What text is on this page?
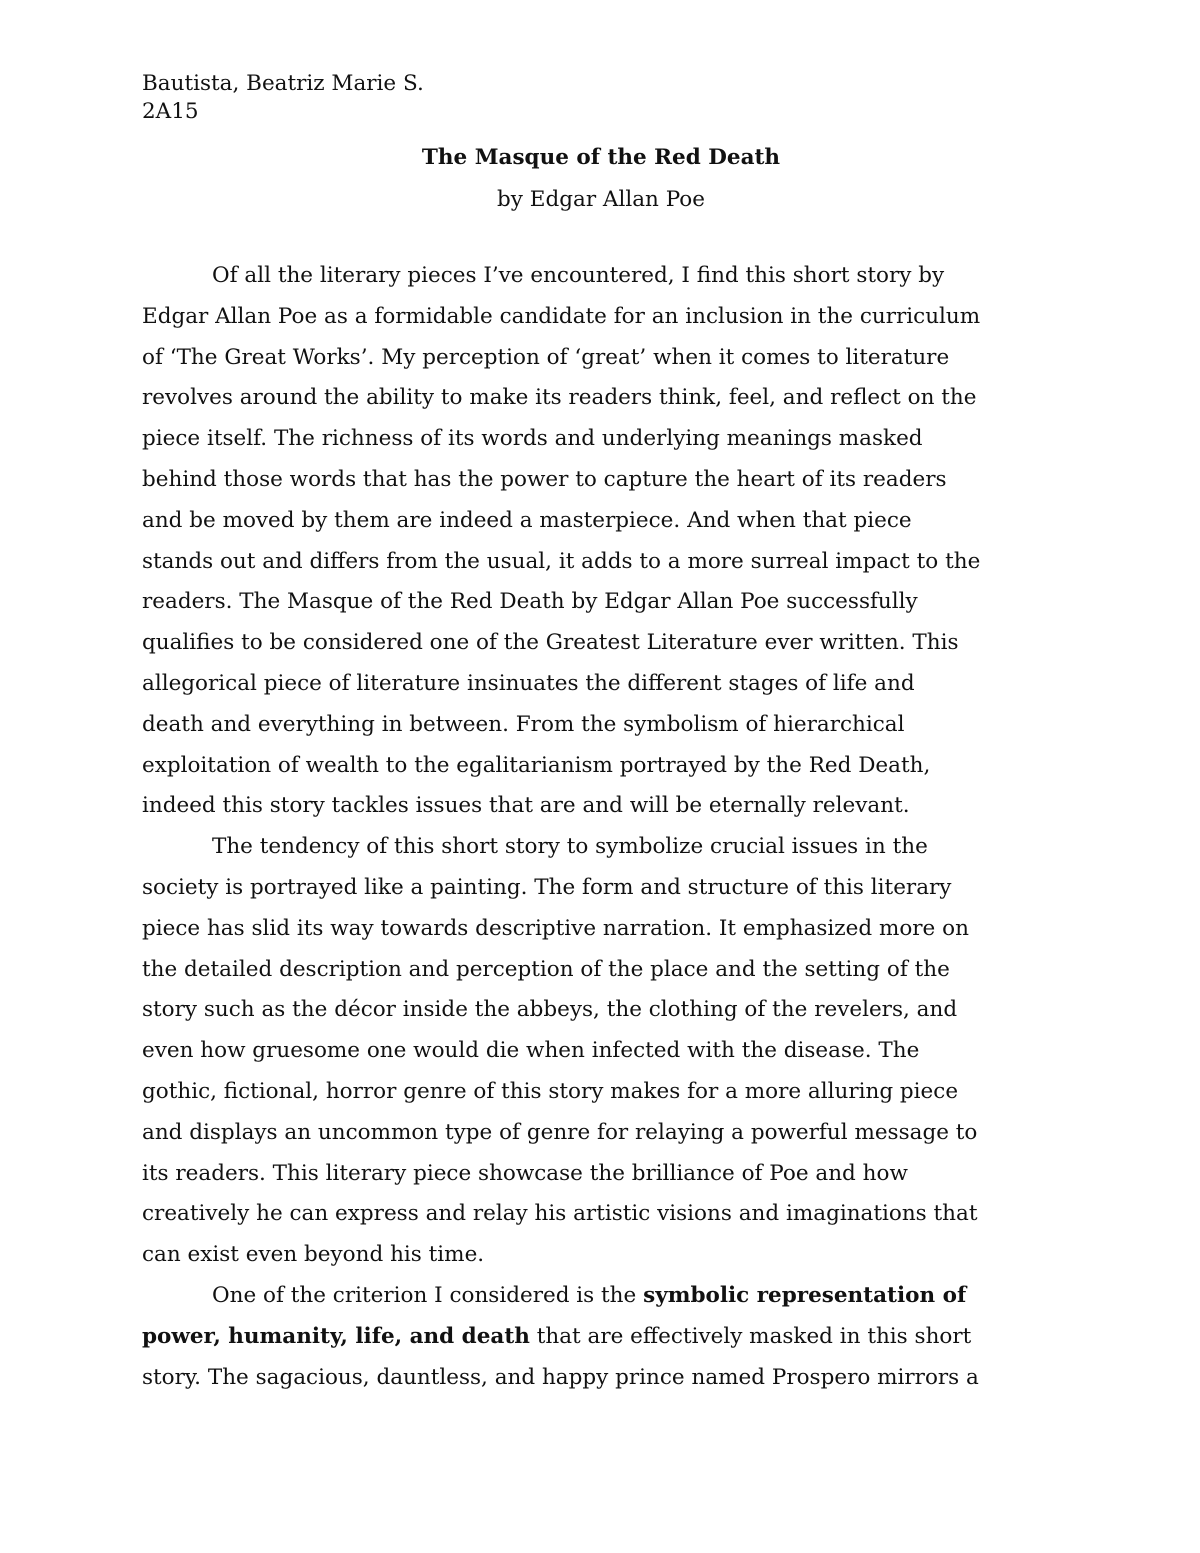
Bautista, Beatriz Marie S.

2A15

The Masque of the Red Death

by Edgar Allan Poe

Of all the literary pieces I’ve encountered, I find this short story by
Edgar Allan Poe as a formidable candidate for an inclusion in the curriculum
of ‘The Great Works’. My perception of ‘great’ when it comes to literature
revolves around the ability to make its readers think, feel, and reflect on the
piece itself. The richness of its words and underlying meanings masked
behind those words that has the power to capture the heart of its readers
and be moved by them are indeed a masterpiece. And when that piece
stands out and differs from the usual, it adds to a more surreal impact to the
readers. The Masque of the Red Death by Edgar Allan Poe successfully
qualifies to be considered one of the Greatest Literature ever written. This
allegorical piece of literature insinuates the different stages of life and
death and everything in between. From the symbolism of hierarchical
exploitation of wealth to the egalitarianism portrayed by the Red Death,
indeed this story tackles issues that are and will be eternally relevant.
The tendency of this short story to symbolize crucial issues in the
society is portrayed like a painting. The form and structure of this literary
piece has slid its way towards descriptive narration. It emphasized more on
the detailed description and perception of the place and the setting of the
story such as the décor inside the abbeys, the clothing of the revelers, and
even how gruesome one would die when infected with the disease. The
gothic, fictional, horror genre of this story makes for a more alluring piece
and displays an uncommon type of genre for relaying a powerful message to
its readers. This literary piece showcase the brilliance of Poe and how
creatively he can express and relay his artistic visions and imaginations that
can exist even beyond his time.
One of the criterion I considered is the symbolic representation of
power, humanity, life, and death that are effectively masked in this short
story. The sagacious, dauntless, and happy prince named Prospero mirrors a
